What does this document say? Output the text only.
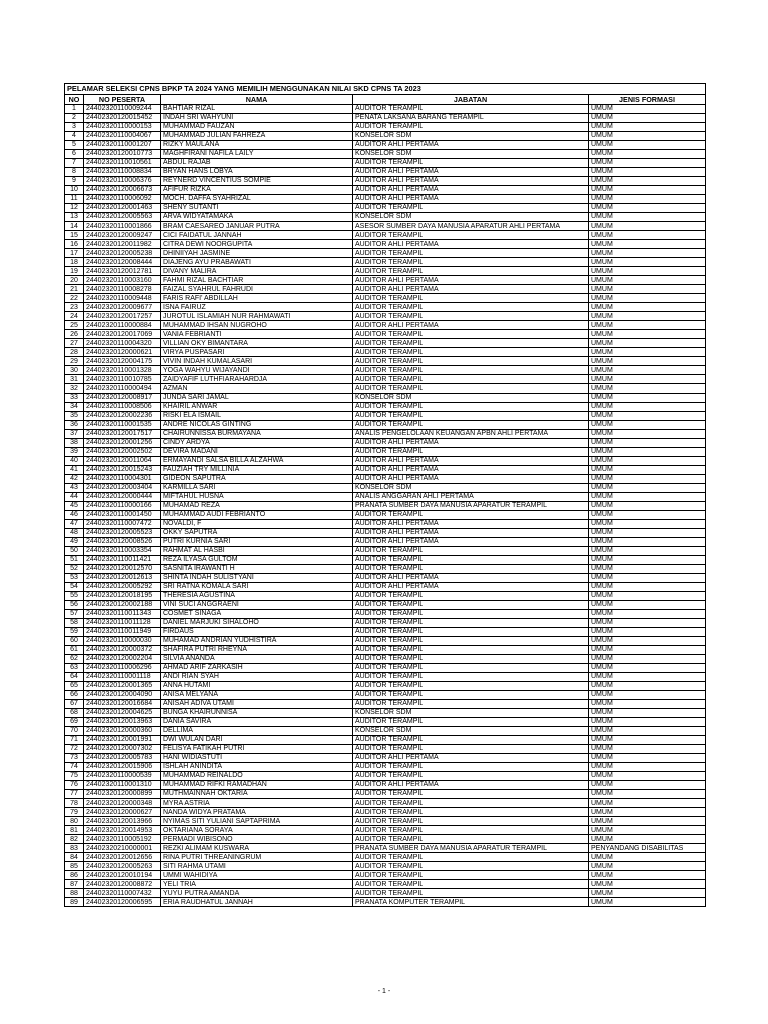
PELAMAR SELEKSI CPNS BPKP TA 2024 YANG MEMILIH MENGGUNAKAN NILAI SKD CPNS TA 2023				
NO	NO PESERTA	NAMA	JABATAN	JENIS FORMASI
1	24402320110009244	BAHTIAR RIZAL	AUDITOR TERAMPIL	UMUM
2	24402320120015452	INDAH SRI WAHYUNI	PENATA LAKSANA BARANG TERAMPIL	UMUM
3	24402320110000153	MUHAMMAD FAUZAN	AUDITOR TERAMPIL	UMUM
4	24402320110004067	MUHAMMAD JULIAN FAHREZA	KONSELOR SDM	UMUM
5	24402320110001207	RIZKY MAULANA	AUDITOR AHLI PERTAMA	UMUM
6	24402320120010773	MAGHFIRANI NAFILA LAILY	KONSELOR SDM	UMUM
7	24402320110010561	ABDUL RAJAB	AUDITOR TERAMPIL	UMUM
8	24402320110008834	BRYAN HANS LOBYA	AUDITOR AHLI PERTAMA	UMUM
9	24402320110006376	REYNERD VINCENTIUS SOMPIE	AUDITOR AHLI PERTAMA	UMUM
10	24402320120006673	AFIFUR RIZKA	AUDITOR AHLI PERTAMA	UMUM
11	24402320110006092	MOCH. DAFFA SYAHRIZAL	AUDITOR AHLI PERTAMA	UMUM
12	24402320120001463	SHENY SUTANTI	AUDITOR TERAMPIL	UMUM
13	24402320120005563	ARVA WIDYATAMAKA	KONSELOR SDM	UMUM
14	24402320110001866	BRAM CAESAREO JANUAR PUTRA	ASESOR SUMBER DAYA MANUSIA APARATUR AHLI PERTAMA	UMUM
15	24402320120009247	CICI FAIDATUL JANNAH	AUDITOR TERAMPIL	UMUM
16	24402320120011982	CITRA DEWI NOORGUPITA	AUDITOR AHLI PERTAMA	UMUM
17	24402320120005238	DHINIIYAH JASMINE	AUDITOR TERAMPIL	UMUM
18	24402320120008444	DIAJENG AYU PRABAWATI	AUDITOR TERAMPIL	UMUM
19	24402320120012781	DIVANY MALIRA	AUDITOR TERAMPIL	UMUM
20	24402320110003160	FAHMI RIZAL BACHTIAR	AUDITOR AHLI PERTAMA	UMUM
21	24402320110008278	FAIZAL SYAHRUL FAHRUDI	AUDITOR AHLI PERTAMA	UMUM
22	24402320110009448	FARIS RAFI' ABDILLAH	AUDITOR TERAMPIL	UMUM
23	24402320120009677	ISNA FAIRUZ	AUDITOR TERAMPIL	UMUM
24	24402320120017257	JUROTUL ISLAMIAH NUR RAHMAWATI	AUDITOR TERAMPIL	UMUM
25	24402320110000884	MUHAMMAD IHSAN NUGROHO	AUDITOR AHLI PERTAMA	UMUM
26	24402320120017069	VANIA FEBRIANTI	AUDITOR TERAMPIL	UMUM
27	24402320110004320	VILLIAN OKY BIMANTARA	AUDITOR TERAMPIL	UMUM
28	24402320120000621	VIRYA PUSPASARI	AUDITOR TERAMPIL	UMUM
29	24402320120004175	VIVIN INDAH KUMALASARI	AUDITOR TERAMPIL	UMUM
30	24402320110001328	YOGA WAHYU WIJAYANDI	AUDITOR TERAMPIL	UMUM
31	24402320110010785	ZAIDYAFIF LUTHFIARAHARDJA	AUDITOR TERAMPIL	UMUM
32	24402320110000494	AZMAN	AUDITOR TERAMPIL	UMUM
33	24402320120008917	JUNDA SARI JAMAL	KONSELOR SDM	UMUM
34	24402320110008506	KHAIRIL ANWAR	AUDITOR TERAMPIL	UMUM
35	24402320120002236	RISKI ELA ISMAIL	AUDITOR TERAMPIL	UMUM
36	24402320110001535	ANDRE NICOLAS GINTING	AUDITOR TERAMPIL	UMUM
37	24402320120017517	CHAIRUNNISSA BURMAYANA	ANALIS PENGELOLAAN KEUANGAN APBN AHLI PERTAMA	UMUM
38	24402320120001256	CINDY ARDYA	AUDITOR AHLI PERTAMA	UMUM
39	24402320120002502	DEVIRA MADANI	AUDITOR TERAMPIL	UMUM
40	24402320120011064	ERMAYANDI SALSA BILLA ALZAHWA	AUDITOR AHLI PERTAMA	UMUM
41	24402320120015243	FAUZIAH TRY MILLINIA	AUDITOR AHLI PERTAMA	UMUM
42	24402320110004301	GIDEON SAPUTRA	AUDITOR AHLI PERTAMA	UMUM
43	24402320120003404	KARMILLA SARI	KONSELOR SDM	UMUM
44	24402320120000444	MIFTAHUL HUSNA	ANALIS ANGGARAN AHLI PERTAMA	UMUM
45	24402320110000166	MUHAMAD REZA	PRANATA SUMBER DAYA MANUSIA APARATUR TERAMPIL	UMUM
46	24402320110001450	MUHAMMAD AUDI FEBRIANTO	AUDITOR TERAMPIL	UMUM
47	24402320110007472	NOVALDI, F	AUDITOR AHLI PERTAMA	UMUM
48	24402320120005523	OKKY SAPUTRA	AUDITOR AHLI PERTAMA	UMUM
49	24402320120008526	PUTRI KURNIA SARI	AUDITOR AHLI PERTAMA	UMUM
50	24402320110003354	RAHMAT AL HASBI	AUDITOR TERAMPIL	UMUM
51	24402320110011421	REZA ILYASA GULTOM	AUDITOR TERAMPIL	UMUM
52	24402320120012570	SASNITA IRAWANTI H	AUDITOR TERAMPIL	UMUM
53	24402320120012613	SHINTA INDAH SULISTYANI	AUDITOR AHLI PERTAMA	UMUM
54	24402320120005292	SRI RATNA KOMALA SARI	AUDITOR AHLI PERTAMA	UMUM
55	24402320120018195	THERESIA AGUSTINA	AUDITOR TERAMPIL	UMUM
56	24402320120002188	VINI SUCI ANGGRAENI	AUDITOR TERAMPIL	UMUM
57	24402320110011343	COSMET SINAGA	AUDITOR TERAMPIL	UMUM
58	24402320110011128	DANIEL MARJUKI SIHALOHO	AUDITOR TERAMPIL	UMUM
59	24402320110011949	FIRDAUS	AUDITOR TERAMPIL	UMUM
60	24402320110000030	MUHAMAD ANDRIAN YUDHISTIRA	AUDITOR TERAMPIL	UMUM
61	24402320120000372	SHAFIRA PUTRI RHEYNA	AUDITOR TERAMPIL	UMUM
62	24402320120002204	SILVIA ANANDA	AUDITOR TERAMPIL	UMUM
63	24402320110006296	AHMAD ARIF ZARKASIH	AUDITOR TERAMPIL	UMUM
64	24402320110001118	ANDI RIAN SYAH	AUDITOR TERAMPIL	UMUM
65	24402320120001365	ANNA HUTAMI	AUDITOR TERAMPIL	UMUM
66	24402320120004090	ANISA MELYANA	AUDITOR TERAMPIL	UMUM
67	24402320120016684	ANISAH ADIVA UTAMI	AUDITOR TERAMPIL	UMUM
68	24402320120004625	BUNGA KHAIRUNNISA	KONSELOR SDM	UMUM
69	24402320120013963	DANIA SAVIRA	AUDITOR TERAMPIL	UMUM
70	24402320120000360	DELLIMA	KONSELOR SDM	UMUM
71	24402320120001991	DWI WULAN DARI	AUDITOR TERAMPIL	UMUM
72	24402320120007302	FELISYA FATIKAH PUTRI	AUDITOR TERAMPIL	UMUM
73	24402320120005783	HANI WIDIASTUTI	AUDITOR AHLI PERTAMA	UMUM
74	24402320120015906	ISHLAH ANINDITA	AUDITOR TERAMPIL	UMUM
75	24402320110000539	MUHAMMAD REINALDO	AUDITOR TERAMPIL	UMUM
76	24402320110001310	MUHAMMAD RIFKI RAMADHAN	AUDITOR AHLI PERTAMA	UMUM
77	24402320120000899	MUTHMAINNAH OKTARIA	AUDITOR TERAMPIL	UMUM
78	24402320120000348	MYRA ASTRIA	AUDITOR TERAMPIL	UMUM
79	24402320120000627	NANDA WIDYA PRATAMA	AUDITOR TERAMPIL	UMUM
80	24402320120013966	NYIMAS SITI YULIANI SAPTAPRIMA	AUDITOR TERAMPIL	UMUM
81	24402320120014953	OKTARIANA SORAYA	AUDITOR TERAMPIL	UMUM
82	24402320110005192	PERMADI WIBISONO	AUDITOR TERAMPIL	UMUM
83	24402320210000001	REZKI ALIMAM KUSWARA	PRANATA SUMBER DAYA MANUSIA APARATUR TERAMPIL	PENYANDANG DISABILITAS
84	24402320120012656	RINA PUTRI THREANINGRUM	AUDITOR TERAMPIL	UMUM
85	24402320120005263	SITI RAHMA UTAMI	AUDITOR TERAMPIL	UMUM
86	24402320120010194	UMMI WAHIDIYA	AUDITOR TERAMPIL	UMUM
87	24402320120008872	YELI TRIA	AUDITOR TERAMPIL	UMUM
88	24402320110007432	YUYU PUTRA AMANDA	AUDITOR TERAMPIL	UMUM
89	24402320120006595	ERIA RAUDHATUL JANNAH	PRANATA KOMPUTER TERAMPIL	UMUM
- 1 -
